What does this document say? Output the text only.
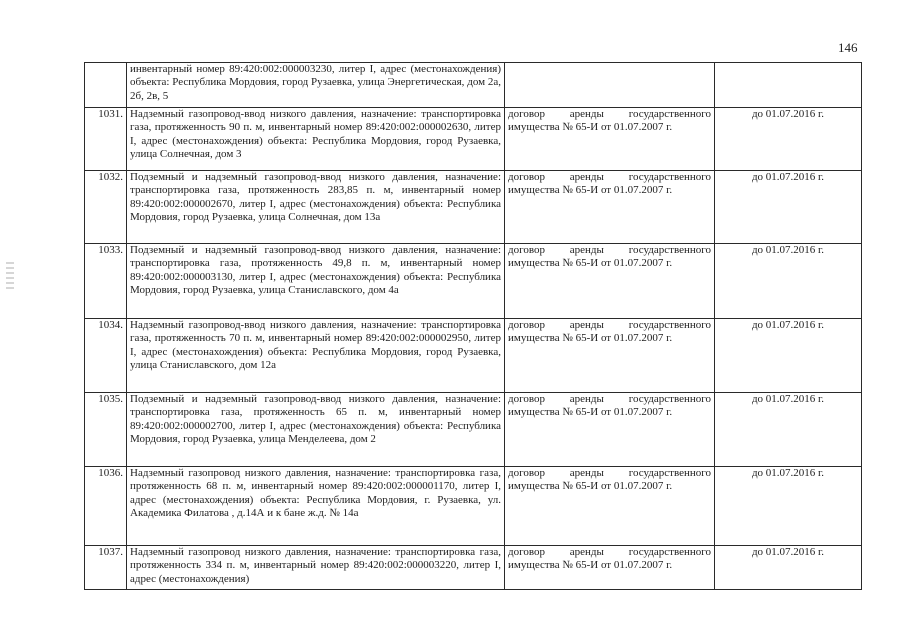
146
	инвентарный номер 89:420:002:000003230, литер I, адрес (местонахождения) объекта: Республика Мордовия, город Рузаевка, улица Энергетическая, дом 2а, 2б, 2в, 5		
1031.	Надземный газопровод-ввод низкого давления, назначение: транспортировка газа, протяженность 90 п. м, инвентарный номер 89:420:002:000002630, литер I, адрес (местонахождения) объекта: Республика Мордовия, город Рузаевка, улица Солнечная, дом 3	договор аренды государственного имущества № 65-И от 01.07.2007 г.	до 01.07.2016 г.
1032.	Подземный и надземный газопровод-ввод низкого давления, назначение: транспортировка газа, протяженность 283,85 п. м, инвентарный номер 89:420:002:000002670, литер I, адрес (местонахождения) объекта: Республика Мордовия, город Рузаевка, улица Солнечная, дом 13а	договор аренды государственного имущества № 65-И от 01.07.2007 г.	до 01.07.2016 г.
1033.	Подземный и надземный газопровод-ввод низкого давления, назначение: транспортировка газа, протяженность 49,8 п. м, инвентарный номер 89:420:002:000003130, литер I, адрес (местонахождения) объекта: Республика Мордовия, город Рузаевка, улица Станиславского, дом 4а	договор аренды государственного имущества № 65-И от 01.07.2007 г.	до 01.07.2016 г.
1034.	Надземный газопровод-ввод низкого давления, назначение: транспортировка газа, протяженность 70 п. м, инвентарный номер 89:420:002:000002950, литер I, адрес (местонахождения) объекта: Республика Мордовия, город Рузаевка, улица Станиславского, дом 12а	договор аренды государственного имущества № 65-И от 01.07.2007 г.	до 01.07.2016 г.
1035.	Подземный и надземный газопровод-ввод низкого давления, назначение: транспортировка газа, протяженность 65 п. м, инвентарный номер 89:420:002:000002700, литер I, адрес (местонахождения) объекта: Республика Мордовия, город Рузаевка, улица Менделеева, дом 2	договор аренды государственного имущества № 65-И от 01.07.2007 г.	до 01.07.2016 г.
1036.	Надземный газопровод низкого давления, назначение: транспортировка газа, протяженность 68 п. м, инвентарный номер 89:420:002:000001170, литер I, адрес (местонахождения) объекта: Республика Мордовия, г. Рузаевка, ул. Академика Филатова , д.14А и к бане ж.д. № 14а	договор аренды государственного имущества № 65-И от 01.07.2007 г.	до 01.07.2016 г.
1037.	Надземный газопровод низкого давления, назначение: транспортировка газа, протяженность 334 п. м, инвентарный номер 89:420:002:000003220, литер I, адрес (местонахождения)	договор аренды государственного имущества № 65-И от 01.07.2007 г.	до 01.07.2016 г.
